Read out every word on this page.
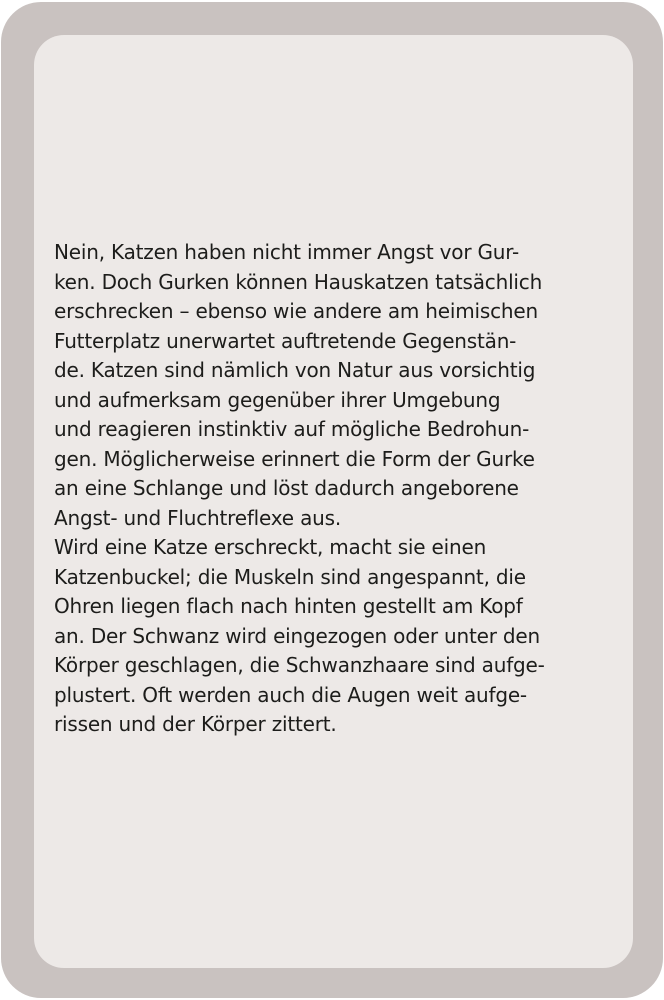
Nein, Katzen haben nicht immer Angst vor Gur-
ken. Doch Gurken können Hauskatzen tatsächlich
erschrecken – ebenso wie andere am heimischen
Futterplatz unerwartet auftretende Gegenstän-
de. Katzen sind nämlich von Natur aus vorsichtig
und aufmerksam gegenüber ihrer Umgebung
und reagieren instinktiv auf mögliche Bedrohun-
gen. Möglicherweise erinnert die Form der Gurke
an eine Schlange und löst dadurch angeborene
Angst- und Fluchtreflexe aus.
Wird eine Katze erschreckt, macht sie einen
Katzenbuckel; die Muskeln sind angespannt, die
Ohren liegen flach nach hinten gestellt am Kopf
an. Der Schwanz wird eingezogen oder unter den
Körper geschlagen, die Schwanzhaare sind aufge-
plustert. Oft werden auch die Augen weit aufge-
rissen und der Körper zittert.
